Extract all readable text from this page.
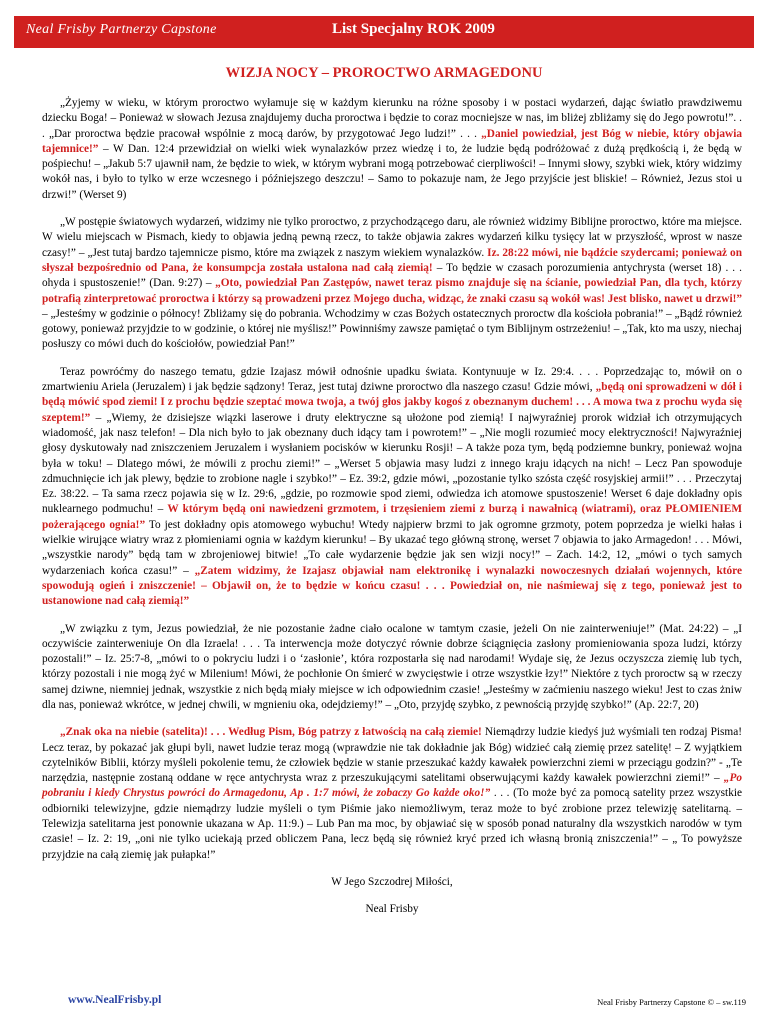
Neal Frisby Partnerzy Capstone	List Specjalny ROK 2009
WIZJA NOCY – PROROCTWO ARMAGEDONU

„Żyjemy w wieku, w którym proroctwo wyłamuje się w każdym kierunku na różne sposoby i w postaci wydarzeń, dając światło prawdziwemu dziecku Boga! – Ponieważ w słowach Jezusa znajdujemy ducha proroctwa i będzie to coraz mocniejsze w nas, im bliżej zbliżamy się do Jego powrotu!”. . . „Dar proroctwa będzie pracował wspólnie z mocą darów, by przygotować Jego ludzi!” . . . „Daniel powiedział, jest Bóg w niebie, który objawia tajemnice!” – W Dan. 12:4 przewidział on wielki wiek wynalazków przez wiedzę i to, że ludzie będą podróżować z dużą prędkością i, że będą w pośpiechu! – „Jakub 5:7 ujawnił nam, że będzie to wiek, w którym wybrani mogą potrzebować cierpliwości! – Innymi słowy, szybki wiek, który widzimy wokół nas, i było to tylko w erze wczesnego i późniejszego deszczu! – Samo to pokazuje nam, że Jego przyjście jest bliskie! – Również, Jezus stoi u drzwi!” (Werset 9)

„W postępie światowych wydarzeń, widzimy nie tylko proroctwo, z przychodzącego daru, ale również widzimy Biblijne proroctwo, które ma miejsce. W wielu miejscach w Pismach, kiedy to objawia jedną pewną rzecz, to także objawia zakres wydarzeń kilku tysięcy lat w przyszłość, wprost w nasze czasy!” – „Jest tutaj bardzo tajemnicze pismo, które ma związek z naszym wiekiem wynalazków. Iz. 28:22 mówi, nie bądźcie szydercami; ponieważ on słyszał bezpośrednio od Pana, że konsumpcja została ustalona nad całą ziemią! – To będzie w czasach porozumienia antychrysta (werset 18) . . . ohyda i spustoszenie!” (Dan. 9:27) – „Oto, powiedział Pan Zastępów, nawet teraz pismo znajduje się na ścianie, powiedział Pan, dla tych, którzy potrafią zinterpretować proroctwa i którzy są prowadzeni przez Mojego ducha, widząc, że znaki czasu są wokół was! Jest blisko, nawet u drzwi!” – „Jesteśmy w godzinie o północy! Zbliżamy się do pobrania. Wchodzimy w czas Bożych ostatecznych proroctw dla kościoła pobrania!” – „Bądź również gotowy, ponieważ przyjdzie to w godzinie, o której nie myślisz!” Powinniśmy zawsze pamiętać o tym Biblijnym ostrzeżeniu! – „Tak, kto ma uszy, niechaj posłuszy co mówi duch do kościołów, powiedział Pan!”

Teraz powróćmy do naszego tematu, gdzie Izajasz mówił odnośnie upadku świata. Kontynuuje w Iz. 29:4. . . . Poprzedzając to, mówił on o zmartwieniu Ariela (Jeruzalem) i jak będzie sądzony! Teraz, jest tutaj dziwne proroctwo dla naszego czasu! Gdzie mówi, „będą oni sprowadzeni w dół i będą mówić spod ziemi! I z prochu będzie szeptać mowa twoja, a twój głos jakby kogoś z obeznanym duchem! . . . A mowa twa z prochu wyda się szeptem!” – „Wiemy, że dzisiejsze wiązki laserowe i druty elektryczne są ułożone pod ziemią! I najwyraźniej prorok widział ich otrzymujących wiadomość, jak nasz telefon! – Dla nich było to jak obeznany duch idący tam i powrotem!” – „Nie mogli rozumieć mocy elektryczności! Najwyraźniej głosy dyskutowały nad zniszczeniem Jeruzalem i wysłaniem pocisków w kierunku Rosji! – A także poza tym, będą podziemne bunkry, ponieważ wojna była w toku! – Dlatego mówi, że mówili z prochu ziemi!” – „Werset 5 objawia masy ludzi z innego kraju idących na nich! – Lecz Pan spowoduje zdmuchnięcie ich jak plewy, będzie to zrobione nagle i szybko!” – Ez. 39:2, gdzie mówi, „pozostanie tylko szósta część rosyjskiej armii!” . . . Przeczytaj Ez. 38:22. – Ta sama rzecz pojawia się w Iz. 29:6, „gdzie, po rozmowie spod ziemi, odwiedza ich atomowe spustoszenie! Werset 6 daje dokładny opis nuklearnego podmuchu! – W którym będą oni nawiedzeni grzmotem, i trzęsieniem ziemi z burzą i nawałnicą (wiatrami), oraz PŁOMIENIEM pożerającego ognia!” To jest dokładny opis atomowego wybuchu! Wtedy najpierw brzmi to jak ogromne grzmoty, potem poprzedza je wielki hałas i wielkie wirujące wiatry wraz z płomieniami ognia w każdym kierunku! – By ukazać tego główną stronę, werset 7 objawia to jako Armagedon! . . . Mówi, „wszystkie narody” będą tam w zbrojeniowej bitwie! „To całe wydarzenie będzie jak sen wizji nocy!” – Zach. 14:2, 12, „mówi o tych samych wydarzeniach końca czasu!” – „Zatem widzimy, że Izajasz objawiał nam elektronikę i wynalazki nowoczesnych działań wojennych, które spowodują ogień i zniszczenie! – Objawił on, że to będzie w końcu czasu! . . . Powiedział on, nie naśmiewaj się z tego, ponieważ jest to ustanowione nad całą ziemią!”

„W związku z tym, Jezus powiedział, że nie pozostanie żadne ciało ocalone w tamtym czasie, jeżeli On nie zainterweniuje!” (Mat. 24:22) – „I oczywiście zainterweniuje On dla Izraela! . . . Ta interwencja może dotyczyć równie dobrze ściągnięcia zasłony promieniowania spoza ludzi, którzy pozostali!” – Iz. 25:7-8, „mówi to o pokryciu ludzi i o ‘zasłonie’, która rozpostarła się nad narodami! Wydaje się, że Jezus oczyszcza ziemię lub tych, którzy pozostali i nie mogą żyć w Milenium! Mówi, że pochłonie On śmierć w zwycięstwie i otrze wszystkie łzy!” Niektóre z tych proroctw są w rzeczy samej dziwne, niemniej jednak, wszystkie z nich będą miały miejsce w ich odpowiednim czasie! „Jesteśmy w zaćmieniu naszego wieku! Jest to czas żniw dla nas, ponieważ wkrótce, w jednej chwili, w mgnieniu oka, odejdziemy!” – „Oto, przyjdę szybko, z pewnością przyjdę szybko!” (Ap. 22:7, 20)

„Znak oka na niebie (satelita)! . . . Według Pism, Bóg patrzy z łatwością na całą ziemie! Niemądrzy ludzie kiedyś już wyśmiali ten rodzaj Pisma! Lecz teraz, by pokazać jak głupi byli, nawet ludzie teraz mogą (wprawdzie nie tak dokładnie jak Bóg) widzieć całą ziemię przez satelitę! – Z wyjątkiem czytelników Biblii, którzy myśleli pokolenie temu, że człowiek będzie w stanie przeszukać każdy kawałek powierzchni ziemi w przeciągu godzin?” - „Te narzędzia, następnie zostaną oddane w ręce antychrysta wraz z przeszukującymi satelitami obserwującymi każdy kawałek powierzchni ziemi!” – „Po pobraniu i kiedy Chrystus powróci do Armagedonu, Ap . 1:7 mówi, że zobaczy Go każde oko!” . . . (To może być za pomocą satelity przez wszystkie odbiorniki telewizyjne, gdzie niemądrzy ludzie myśleli o tym Piśmie jako niemożliwym, teraz może to być zrobione przez telewizję satelitarną. – Telewizja satelitarna jest ponownie ukazana w Ap. 11:9.) – Lub Pan ma moc, by objawiać się w sposób ponad naturalny dla wszystkich narodów w tym czasie! – Iz. 2: 19, „oni nie tylko uciekają przed obliczem Pana, lecz będą się również kryć przed ich własną bronią zniszczenia!” – „ To powyższe przyjdzie na całą ziemię jak pułapka!”

W Jego Szczodrej Miłości,
Neal Frisby
www.NealFrisby.pl	Neal Frisby Partnerzy Capstone © – sw.119
